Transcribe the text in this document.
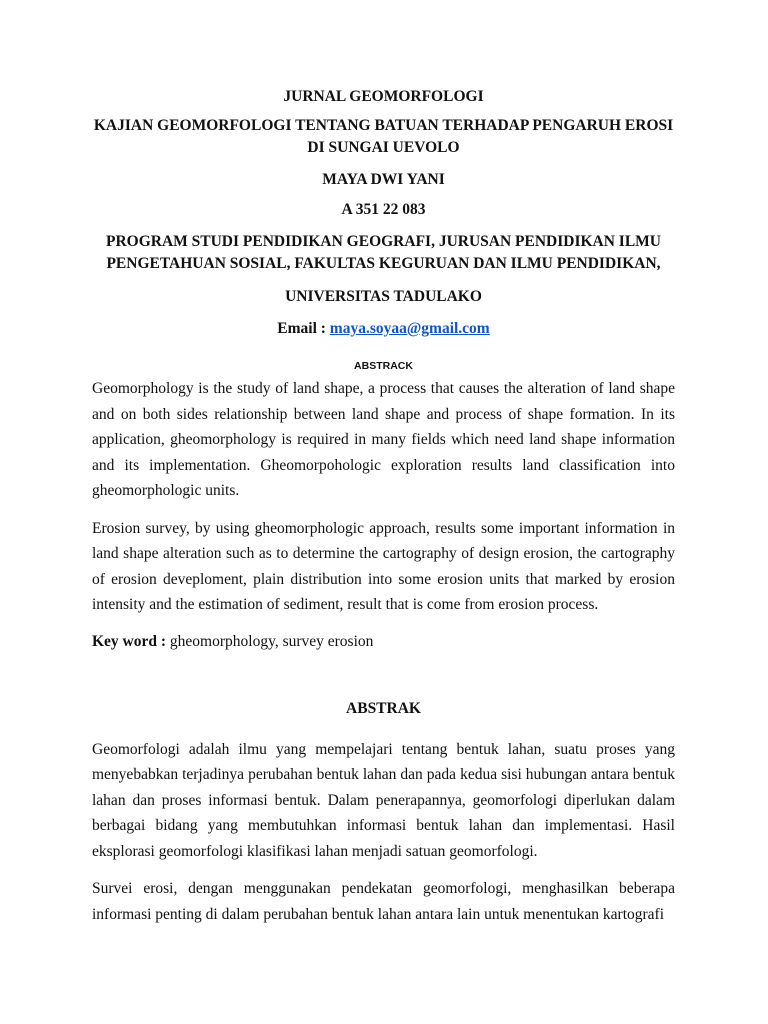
JURNAL GEOMORFOLOGI

KAJIAN GEOMORFOLOGI TENTANG BATUAN TERHADAP PENGARUH EROSI DI SUNGAI UEVOLO

MAYA DWI YANI

A 351 22 083

PROGRAM STUDI PENDIDIKAN GEOGRAFI, JURUSAN PENDIDIKAN ILMU PENGETAHUAN SOSIAL, FAKULTAS KEGURUAN DAN ILMU PENDIDIKAN,

UNIVERSITAS TADULAKO

Email : maya.soyaa@gmail.com

ABSTRACK

Geomorphology is the study of land shape, a process that causes the alteration of land shape and on both sides relationship between land shape and process of shape formation. In its application, gheomorphology is required in many fields which need land shape information and its implementation. Gheomorpohologic exploration results land classification into gheomorphologic units.

Erosion survey, by using gheomorphologic approach, results some important information in land shape alteration such as to determine the cartography of design erosion, the cartography of erosion deveploment, plain distribution into some erosion units that marked by erosion intensity and the estimation of sediment, result that is come from erosion process.

Key word : gheomorphology, survey erosion

ABSTRAK

Geomorfologi adalah ilmu yang mempelajari tentang bentuk lahan, suatu proses yang menyebabkan terjadinya perubahan bentuk lahan dan pada kedua sisi hubungan antara bentuk lahan dan proses informasi bentuk. Dalam penerapannya, geomorfologi diperlukan dalam berbagai bidang yang membutuhkan informasi bentuk lahan dan implementasi. Hasil eksplorasi geomorfologi klasifikasi lahan menjadi satuan geomorfologi.

Survei erosi, dengan menggunakan pendekatan geomorfologi, menghasilkan beberapa informasi penting di dalam perubahan bentuk lahan antara lain untuk menentukan kartografi
